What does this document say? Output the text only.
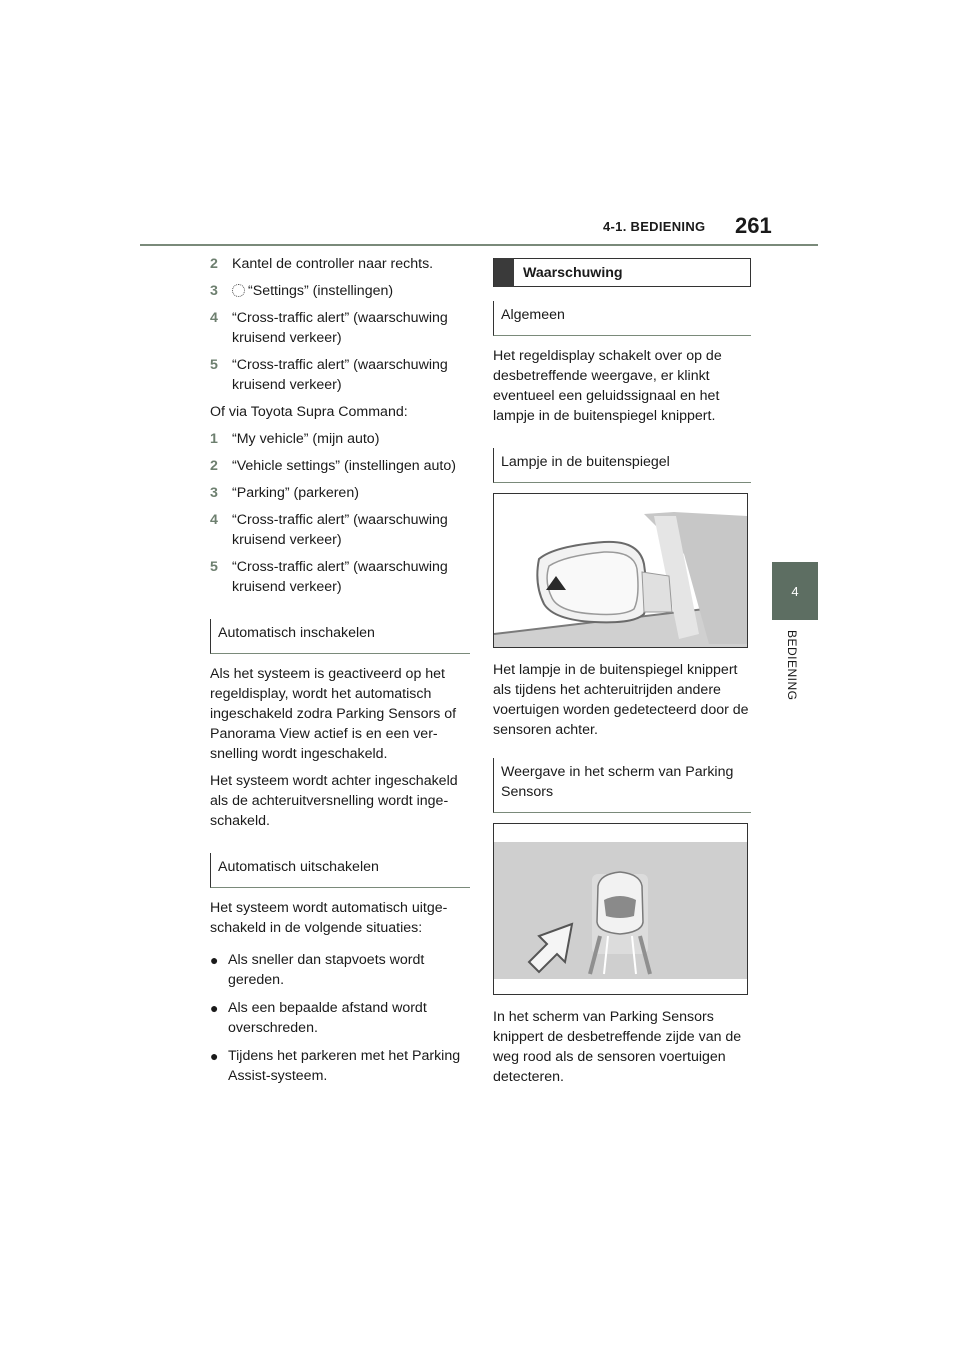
4-1. BEDIENING 261
4
BEDIENING
2 Kantel de controller naar rechts.
3	“Settings” (instellingen)
4 “Cross-traffic alert” (waarschuwing kruisend verkeer)
5 “Cross-traffic alert” (waarschuwing kruisend verkeer)

Of via Toyota Supra Command:

1 “My vehicle” (mijn auto)
2 “Vehicle settings” (instellingen auto)
3 “Parking” (parkeren)
4 “Cross-traffic alert” (waarschuwing kruisend verkeer)
5 “Cross-traffic alert” (waarschuwing kruisend verkeer)
Automatisch inschakelen

Als het systeem is geactiveerd op het regeldisplay, wordt het automatisch ingeschakeld zodra Parking Sensors of Panorama View actief is en een versnelling wordt ingeschakeld.

Het systeem wordt achter ingeschakeld als de achteruitversnelling wordt ingeschakeld.

Automatisch uitschakelen

Het systeem wordt automatisch uitgeschakeld in de volgende situaties:

● Als sneller dan stapvoets wordt gereden.
● Als een bepaalde afstand wordt overschreden.
● Tijdens het parkeren met het Parking Assist-systeem.
Waarschuwing
Algemeen

Het regeldisplay schakelt over op de desbetreffende weergave, er klinkt eventueel een geluidssignaal en het lampje in de buitenspiegel knippert.

Lampje in de buitenspiegel

Het lampje in de buitenspiegel knippert als tijdens het achteruitrijden andere voertuigen worden gedetecteerd door de sensoren achter.

Weergave in het scherm van Parking Sensors

In het scherm van Parking Sensors knippert de desbetreffende zijde van de weg rood als de sensoren voertuigen detecteren.
